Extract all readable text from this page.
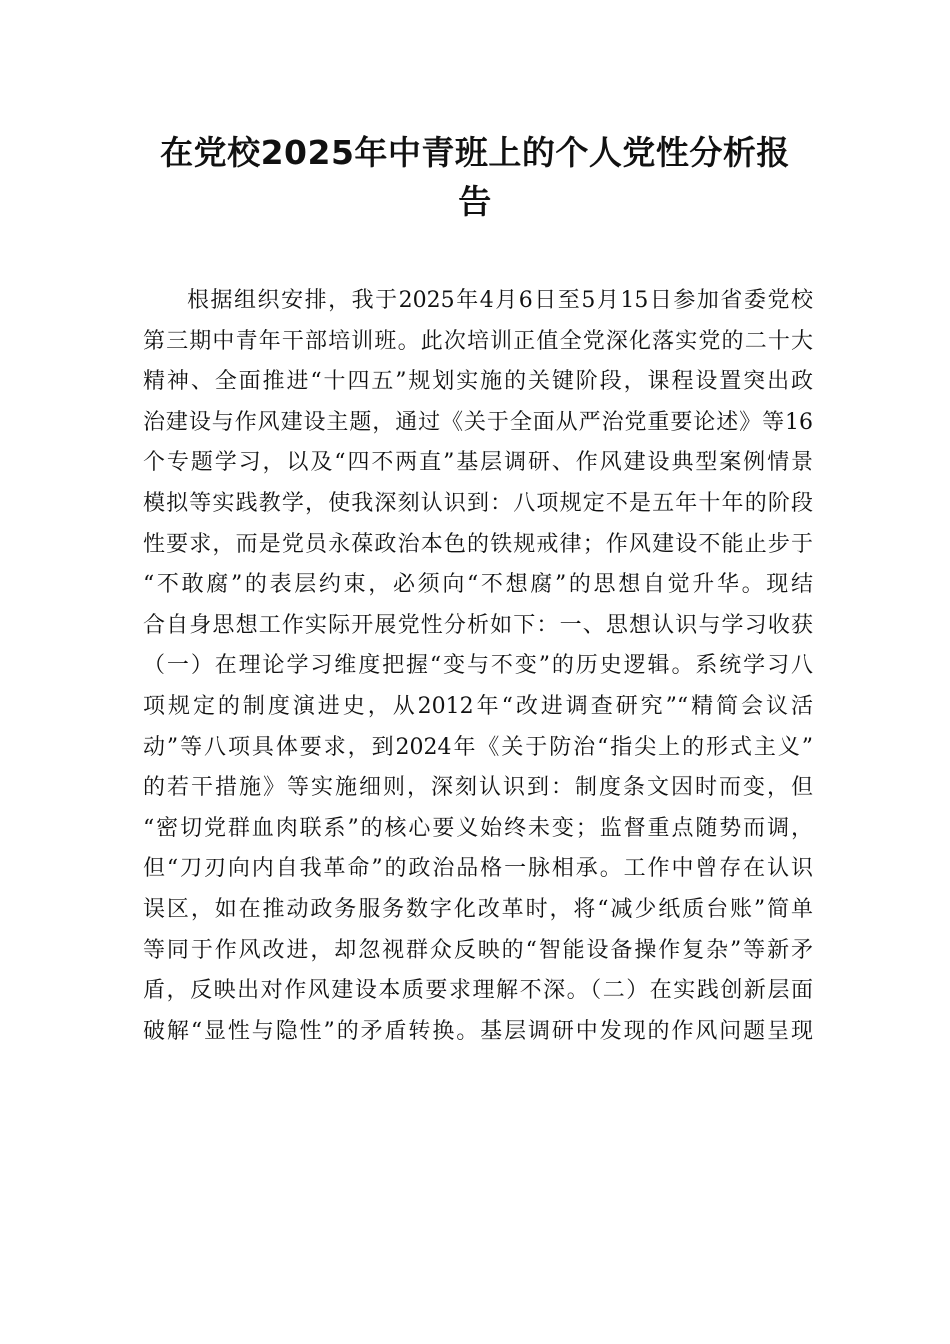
在党校2025年中青班上的个人党性分析报
告
根据组织安排，我于2025年4月6日至5月15日参加省委党校
第三期中青年干部培训班。此次培训正值全党深化落实党的二十大
精神、全面推进“十四五”规划实施的关键阶段，课程设置突出政
治建设与作风建设主题，通过《关于全面从严治党重要论述》等16
个专题学习，以及“四不两直”基层调研、作风建设典型案例情景
模拟等实践教学，使我深刻认识到：八项规定不是五年十年的阶段
性要求，而是党员永葆政治本色的铁规戒律；作风建设不能止步于
“不敢腐”的表层约束，必须向“不想腐”的思想自觉升华。现结
合自身思想工作实际开展党性分析如下：一、思想认识与学习收获
（一）在理论学习维度把握“变与不变”的历史逻辑。系统学习八
项规定的制度演进史，从2012年“改进调查研究”“精简会议活
动”等八项具体要求，到2024年《关于防治“指尖上的形式主义”
的若干措施》等实施细则，深刻认识到：制度条文因时而变，但
“密切党群血肉联系”的核心要义始终未变；监督重点随势而调，
但“刀刃向内自我革命”的政治品格一脉相承。工作中曾存在认识
误区，如在推动政务服务数字化改革时，将“减少纸质台账”简单
等同于作风改进，却忽视群众反映的“智能设备操作复杂”等新矛
盾，反映出对作风建设本质要求理解不深。（二）在实践创新层面
破解“显性与隐性”的矛盾转换。基层调研中发现的作风问题呈现
